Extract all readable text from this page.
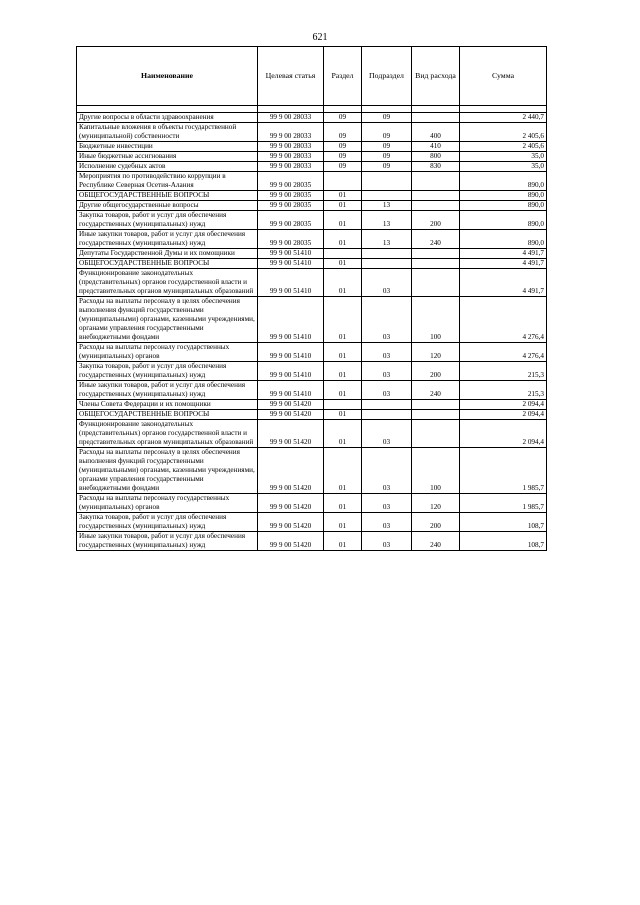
621
Наименование	Целевая статья	Раздел	Подраздел	Вид расхода	Сумма

Другие вопросы в области здравоохранения	99 9 00 28033	09	09		2 440,7
Капитальные вложения в объекты государственной (муниципальной) собственности	99 9 00 28033	09	09	400	2 405,6
Бюджетные инвестиции	99 9 00 28033	09	09	410	2 405,6
Иные бюджетные ассигнования	99 9 00 28033	09	09	800	35,0
Исполнение судебных актов	99 9 00 28033	09	09	830	35,0
Мероприятия по противодействию коррупции в Республике Северная Осетия-Алания	99 9 00 28035				890,0
ОБЩЕГОСУДАРСТВЕННЫЕ ВОПРОСЫ	99 9 00 28035	01			890,0
Другие общегосударственные вопросы	99 9 00 28035	01	13		890,0
Закупка товаров, работ и услуг для обеспечения государственных (муниципальных) нужд	99 9 00 28035	01	13	200	890,0
Иные закупки товаров, работ и услуг для обеспечения государственных (муниципальных) нужд	99 9 00 28035	01	13	240	890,0
Депутаты Государственной Думы и их помощники	99 9 00 51410				4 491,7
ОБЩЕГОСУДАРСТВЕННЫЕ ВОПРОСЫ	99 9 00 51410	01			4 491,7
Функционирование законодательных (представительных) органов государственной власти и представительных органов муниципальных образований	99 9 00 51410	01	03		4 491,7
Расходы на выплаты персоналу в целях обеспечения выполнения функций государственными (муниципальными) органами, казенными учреждениями, органами управления государственными внебюджетными фондами	99 9 00 51410	01	03	100	4 276,4
Расходы на выплаты персоналу государственных (муниципальных) органов	99 9 00 51410	01	03	120	4 276,4
Закупка товаров, работ и услуг для обеспечения государственных (муниципальных) нужд	99 9 00 51410	01	03	200	215,3
Иные закупки товаров, работ и услуг для обеспечения государственных (муниципальных) нужд	99 9 00 51410	01	03	240	215,3
Члены Совета Федерации и их помощники	99 9 00 51420				2 094,4
ОБЩЕГОСУДАРСТВЕННЫЕ ВОПРОСЫ	99 9 00 51420	01			2 094,4
Функционирование законодательных (представительных) органов государственной власти и представительных органов муниципальных образований	99 9 00 51420	01	03		2 094,4
Расходы на выплаты персоналу в целях обеспечения выполнения функций государственными (муниципальными) органами, казенными учреждениями, органами управления государственными внебюджетными фондами	99 9 00 51420	01	03	100	1 985,7
Расходы на выплаты персоналу государственных (муниципальных) органов	99 9 00 51420	01	03	120	1 985,7
Закупка товаров, работ и услуг для обеспечения государственных (муниципальных) нужд	99 9 00 51420	01	03	200	108,7
Иные закупки товаров, работ и услуг для обеспечения государственных (муниципальных) нужд	99 9 00 51420	01	03	240	108,7
